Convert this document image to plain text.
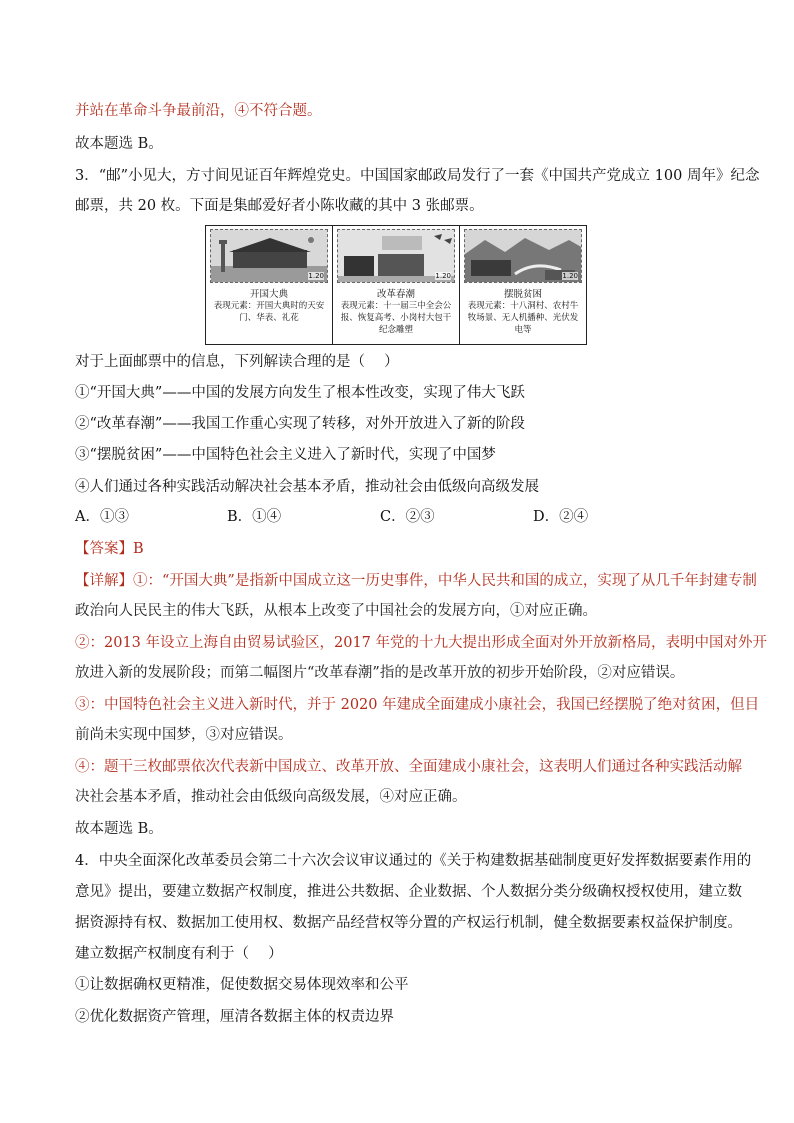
并站在革命斗争最前沿，④不符合题。
故本题选 B。
3．“邮”小见大，方寸间见证百年辉煌党史。中国国家邮政局发行了一套《中国共产党成立 100 周年》纪念
邮票，共 20 枚。下面是集邮爱好者小陈收藏的其中 3 张邮票。
1.20
开国大典
表现元素：开国大典时的天安门、华表、礼花
1.20
改革春潮
表现元素：十一届三中全会公报、恢复高考、小岗村大包干纪念雕塑
1.20
摆脱贫困
表现元素：十八洞村、农村牛牧场景、无人机播种、光伏发电等
对于上面邮票中的信息，下列解读合理的是（　 ）
①“开国大典”——中国的发展方向发生了根本性改变，实现了伟大飞跃
②“改革春潮”——我国工作重心实现了转移，对外开放进入了新的阶段
③“摆脱贫困”——中国特色社会主义进入了新时代，实现了中国梦
④人们通过各种实践活动解决社会基本矛盾，推动社会由低级向高级发展
A．①③	B．①④	C．②③	D．②④
【答案】B
【详解】①：“开国大典”是指新中国成立这一历史事件，中华人民共和国的成立，实现了从几千年封建专制
政治向人民民主的伟大飞跃，从根本上改变了中国社会的发展方向，①对应正确。
②：2013 年设立上海自由贸易试验区，2017 年党的十九大提出形成全面对外开放新格局，表明中国对外开
放进入新的发展阶段；而第二幅图片“改革春潮”指的是改革开放的初步开始阶段，②对应错误。
③：中国特色社会主义进入新时代，并于 2020 年建成全面建成小康社会，我国已经摆脱了绝对贫困，但目
前尚未实现中国梦，③对应错误。
④：题干三枚邮票依次代表新中国成立、改革开放、全面建成小康社会，这表明人们通过各种实践活动解
决社会基本矛盾，推动社会由低级向高级发展，④对应正确。
故本题选 B。
4．中央全面深化改革委员会第二十六次会议审议通过的《关于构建数据基础制度更好发挥数据要素作用的
意见》提出，要建立数据产权制度，推进公共数据、企业数据、个人数据分类分级确权授权使用，建立数
据资源持有权、数据加工使用权、数据产品经营权等分置的产权运行机制，健全数据要素权益保护制度。
建立数据产权制度有利于（　 ）
①让数据确权更精准，促使数据交易体现效率和公平
②优化数据资产管理，厘清各数据主体的权责边界
